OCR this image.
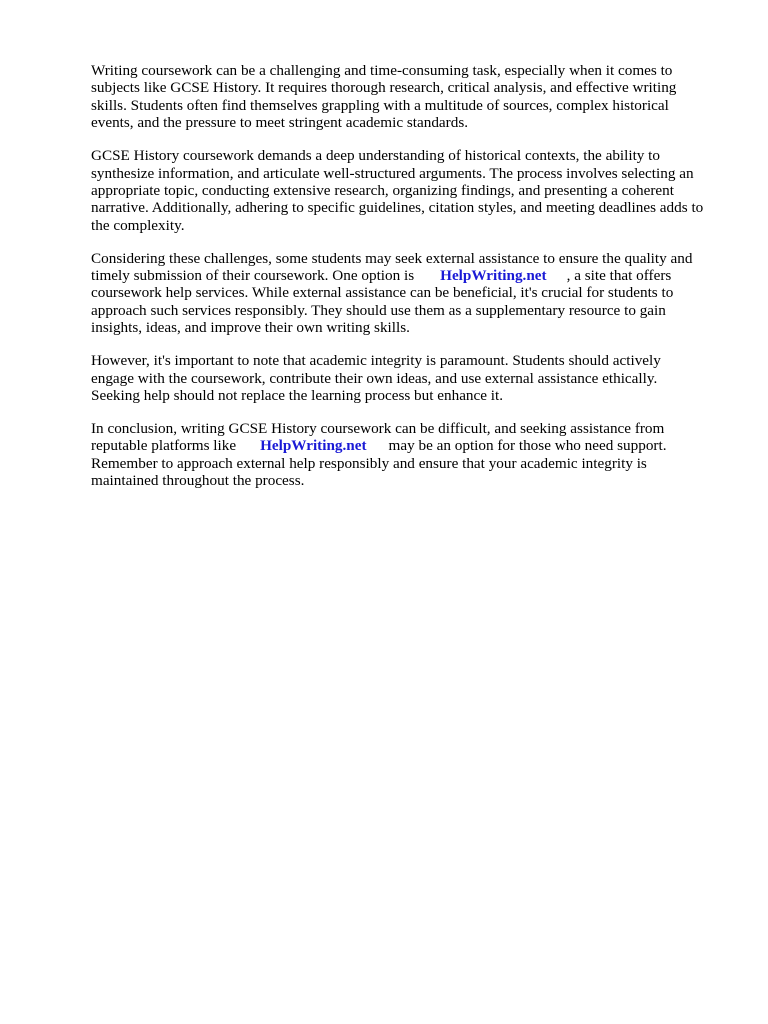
Writing coursework can be a challenging and time-consuming task, especially when it comes to
subjects like GCSE History. It requires thorough research, critical analysis, and effective writing
skills. Students often find themselves grappling with a multitude of sources, complex historical
events, and the pressure to meet stringent academic standards.

GCSE History coursework demands a deep understanding of historical contexts, the ability to
synthesize information, and articulate well-structured arguments. The process involves selecting an
appropriate topic, conducting extensive research, organizing findings, and presenting a coherent
narrative. Additionally, adhering to specific guidelines, citation styles, and meeting deadlines adds to
the complexity.

Considering these challenges, some students may seek external assistance to ensure the quality and
timely submission of their coursework. One option is HelpWriting.net , a site that offers
coursework help services. While external assistance can be beneficial, it's crucial for students to
approach such services responsibly. They should use them as a supplementary resource to gain
insights, ideas, and improve their own writing skills.

However, it's important to note that academic integrity is paramount. Students should actively
engage with the coursework, contribute their own ideas, and use external assistance ethically.
Seeking help should not replace the learning process but enhance it.

In conclusion, writing GCSE History coursework can be difficult, and seeking assistance from
reputable platforms like HelpWriting.net may be an option for those who need support.
Remember to approach external help responsibly and ensure that your academic integrity is
maintained throughout the process.
